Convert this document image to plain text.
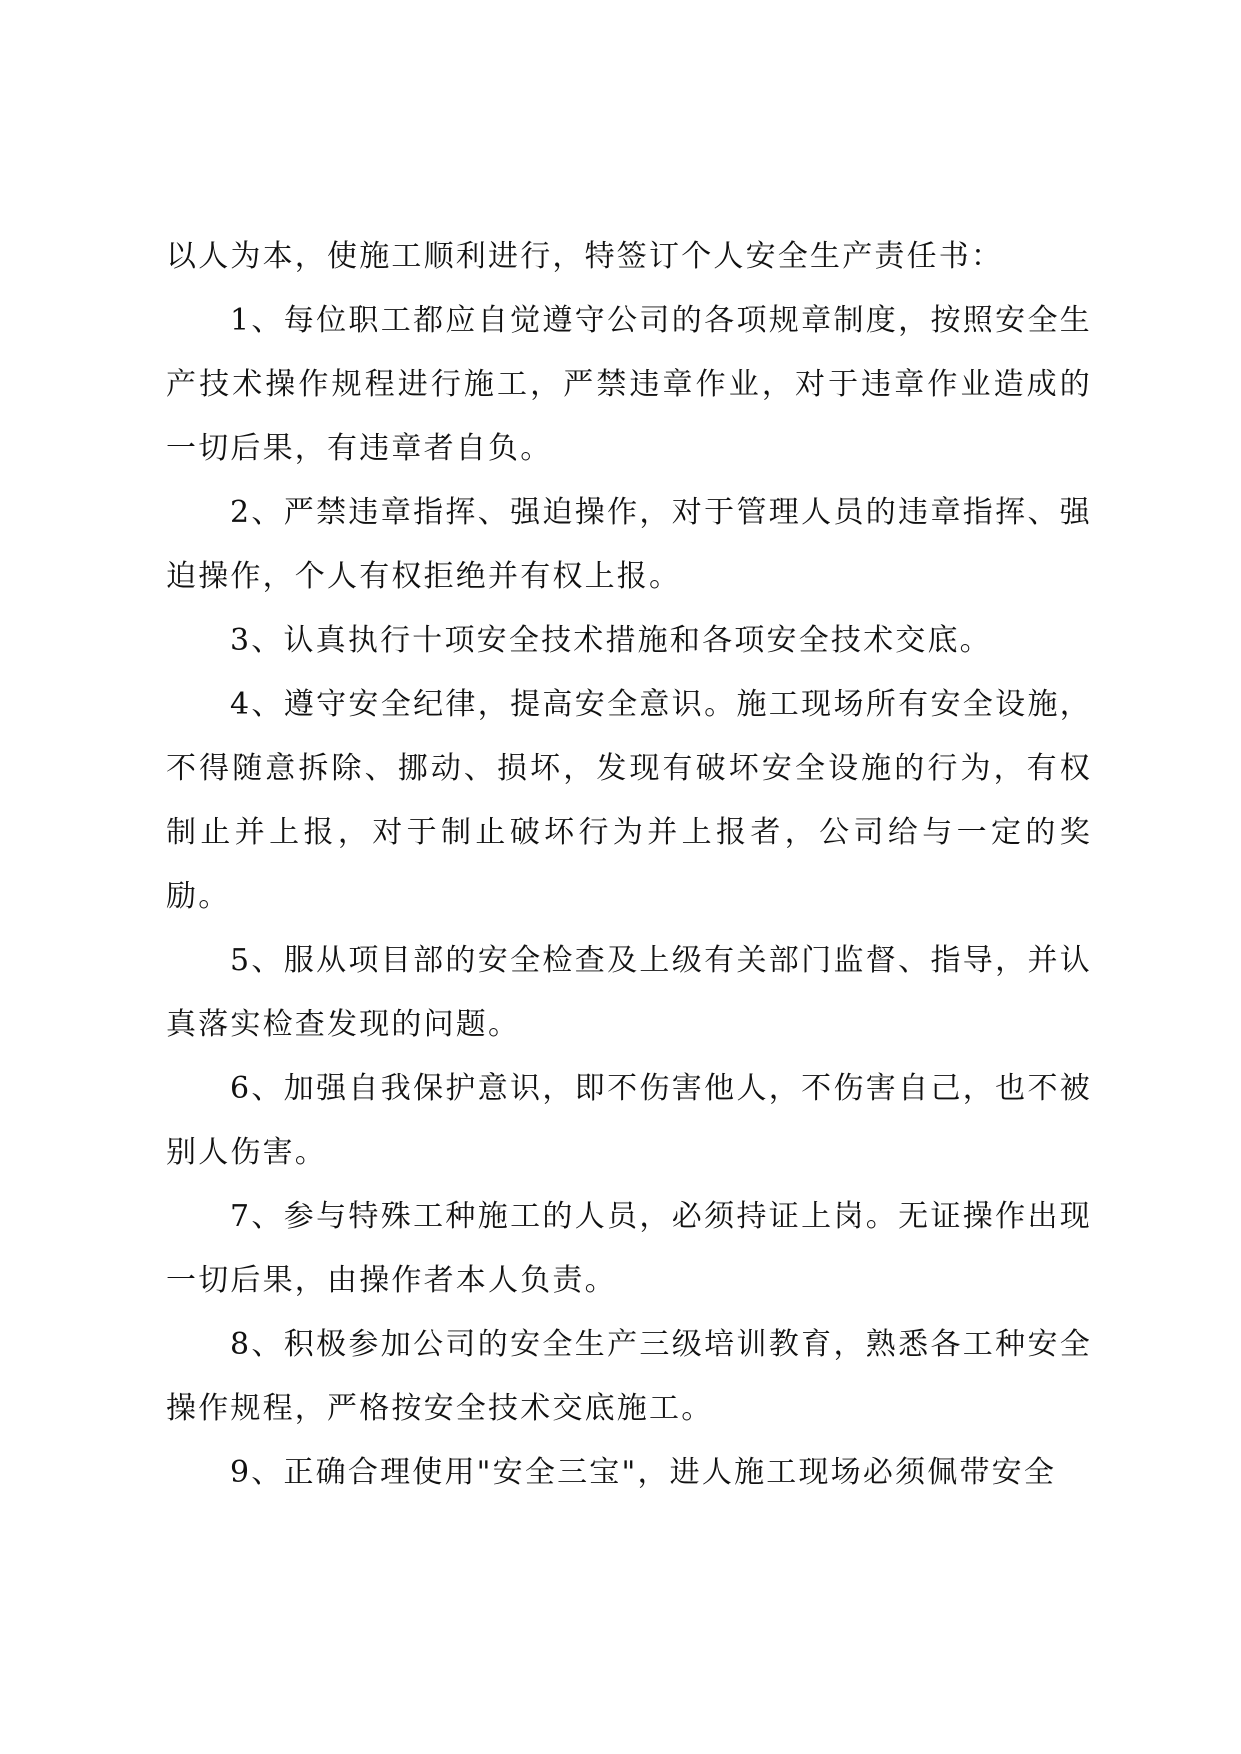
以人为本，使施工顺利进行，特签订个人安全生产责任书：

1、每位职工都应自觉遵守公司的各项规章制度，按照安全生产技术操作规程进行施工，严禁违章作业，对于违章作业造成的一切后果，有违章者自负。

2、严禁违章指挥、强迫操作，对于管理人员的违章指挥、强迫操作，个人有权拒绝并有权上报。

3、认真执行十项安全技术措施和各项安全技术交底。

4、遵守安全纪律，提高安全意识。施工现场所有安全设施，不得随意拆除、挪动、损坏，发现有破坏安全设施的行为，有权制止并上报，对于制止破坏行为并上报者，公司给与一定的奖励。

5、服从项目部的安全检查及上级有关部门监督、指导，并认真落实检查发现的问题。

6、加强自我保护意识，即不伤害他人，不伤害自己，也不被别人伤害。

7、参与特殊工种施工的人员，必须持证上岗。无证操作出现一切后果，由操作者本人负责。

8、积极参加公司的安全生产三级培训教育，熟悉各工种安全操作规程，严格按安全技术交底施工。

9、正确合理使用"安全三宝"，进人施工现场必须佩带安全
